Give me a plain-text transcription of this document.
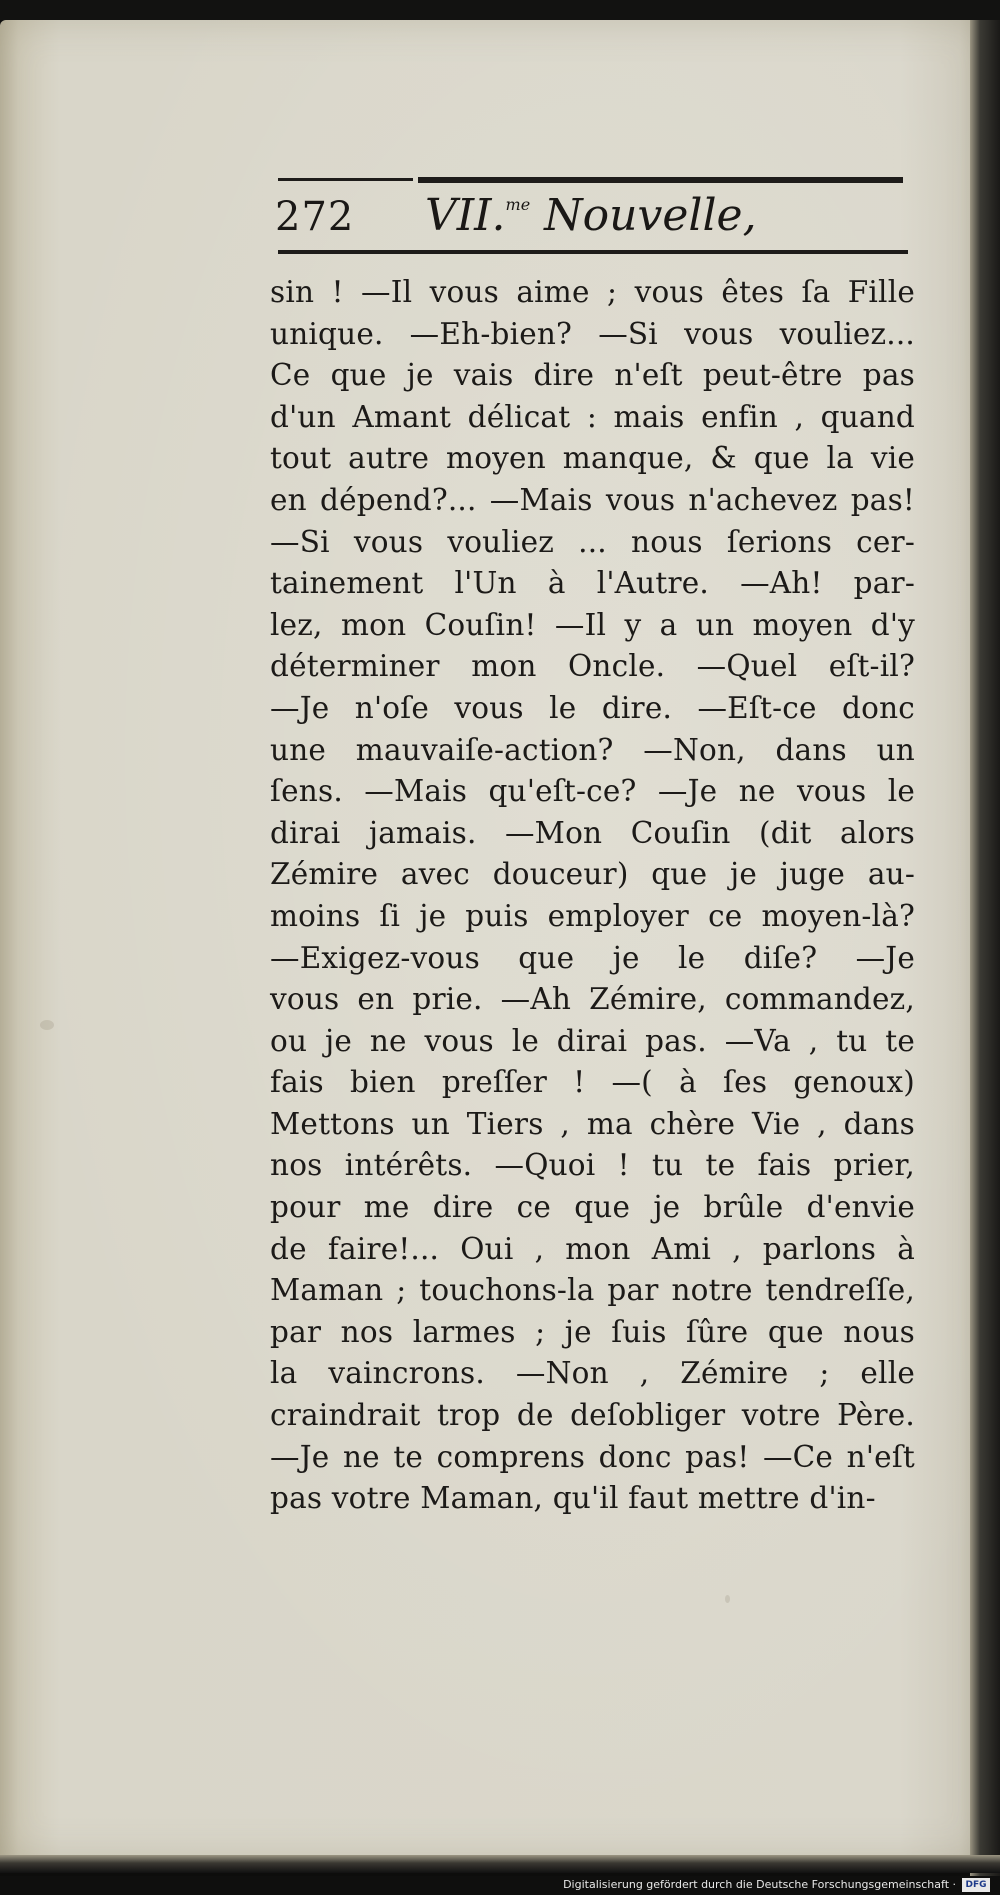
272 VII.$^{me}$ Nouvelle,
sin ! —Il vous aime ; vous êtes ſa Fille
unique. —Eh-bien? —Si vous vouliez...
Ce que je vais dire n'eſt peut-être pas
d'un Amant délicat : mais enfin , quand
tout autre moyen manque, & que la vie
en dépend?... —Mais vous n'achevez pas!
—Si vous vouliez ... nous ſerions cer-
tainement l'Un à l'Autre. —Ah! par-
lez, mon Couſin! —Il y a un moyen d'y
déterminer mon Oncle. —Quel eſt-il?
—Je n'oſe vous le dire. —Eſt-ce donc
une mauvaiſe-action? —Non, dans un
ſens. —Mais qu'eſt-ce? —Je ne vous le
dirai jamais. —Mon Couſin (dit alors
Zémire avec douceur) que je juge au-
moins ſi je puis employer ce moyen-là?
—Exigez-vous que je le diſe? —Je
vous en prie. —Ah Zémire, commandez,
ou je ne vous le dirai pas. —Va , tu te
fais bien preſſer ! —( à ſes genoux)
Mettons un Tiers , ma chère Vie , dans
nos intérêts. —Quoi ! tu te fais prier,
pour me dire ce que je brûle d'envie
de faire!... Oui , mon Ami , parlons à
Maman ; touchons-la par notre tendreſſe,
par nos larmes ; je ſuis ſûre que nous
la vaincrons. —Non , Zémire ; elle
craindrait trop de deſobliger votre Père.
—Je ne te comprens donc pas! —Ce n'eſt
pas votre Maman, qu'il faut mettre d'in-
Digitalisierung gefördert durch die Deutsche Forschungsgemeinschaft ·	DFG
